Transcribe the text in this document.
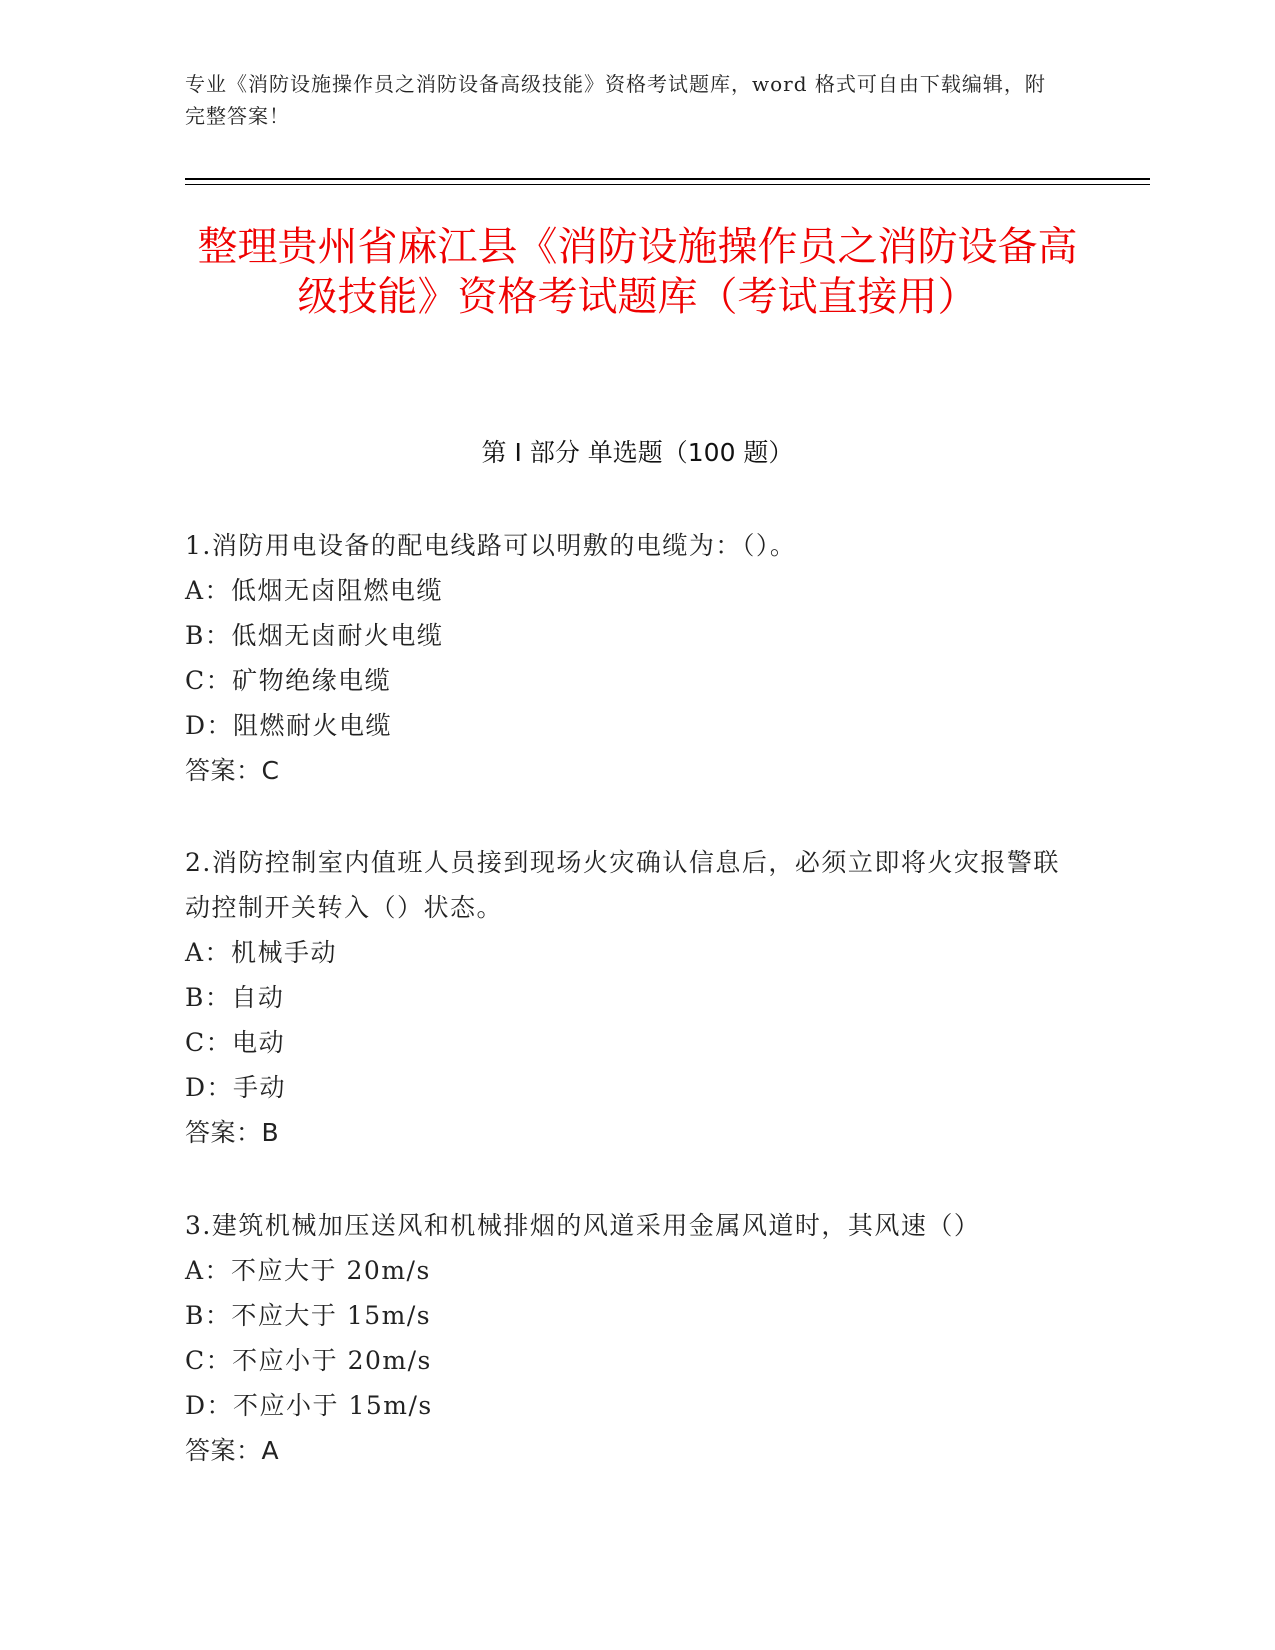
专业《消防设施操作员之消防设备高级技能》资格考试题库，word 格式可自由下载编辑，附完整答案！
整理贵州省麻江县《消防设施操作员之消防设备高级技能》资格考试题库（考试直接用）
第 I 部分 单选题（100 题）
1.消防用电设备的配电线路可以明敷的电缆为：（）。
A：低烟无卤阻燃电缆
B：低烟无卤耐火电缆
C：矿物绝缘电缆
D：阻燃耐火电缆
答案：C
2.消防控制室内值班人员接到现场火灾确认信息后，必须立即将火灾报警联动控制开关转入（）状态。
A：机械手动
B：自动
C：电动
D：手动
答案：B
3.建筑机械加压送风和机械排烟的风道采用金属风道时，其风速（）
A：不应大于 20m/s
B：不应大于 15m/s
C：不应小于 20m/s
D：不应小于 15m/s
答案：A
